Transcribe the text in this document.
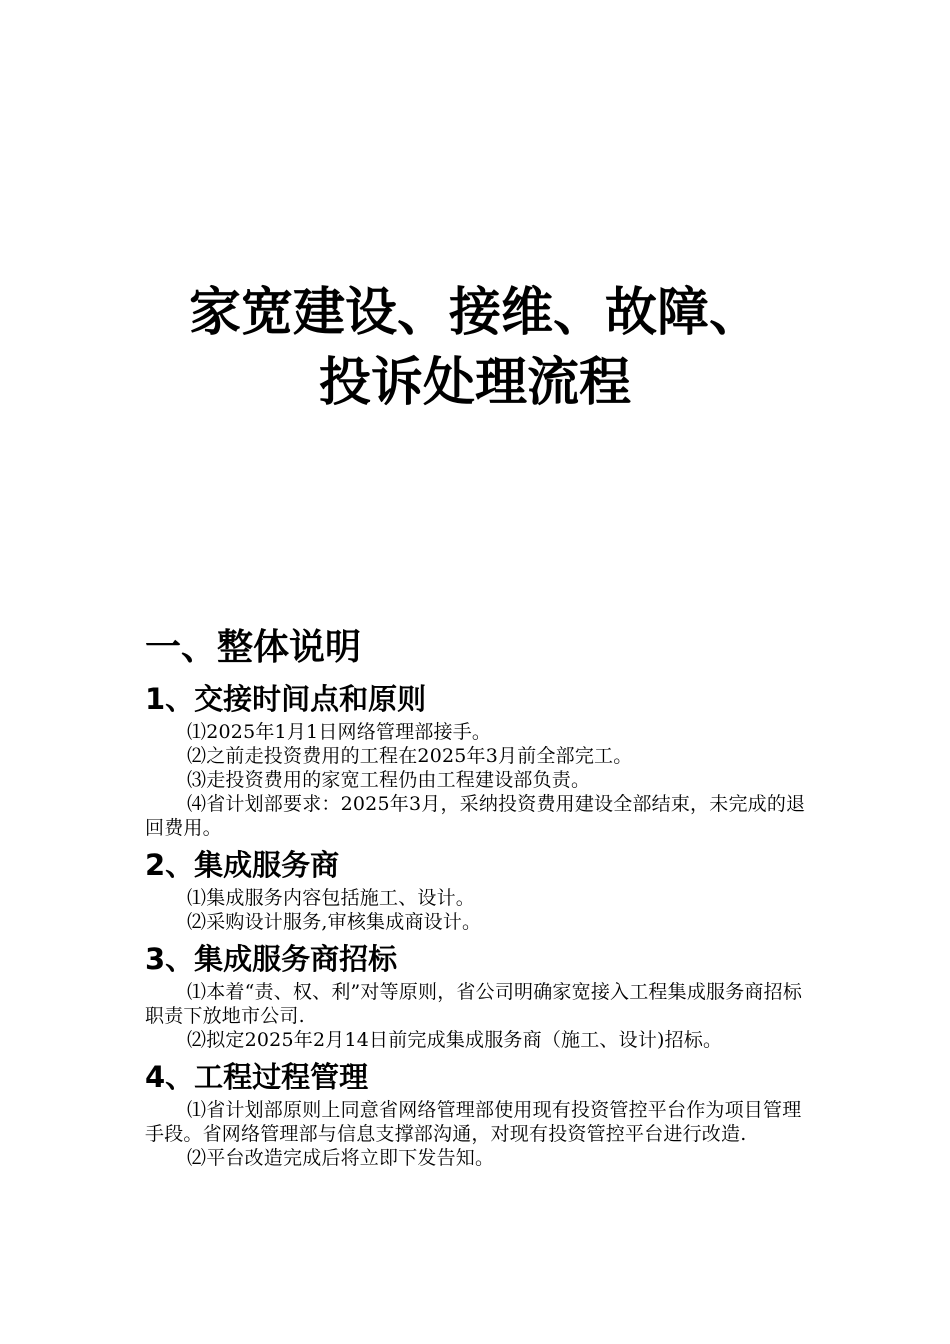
家宽建设、接维、故障、
投诉处理流程
一、整体说明
1、交接时间点和原则

⑴2025年1月1日网络管理部接手。

⑵之前走投资费用的工程在2025年3月前全部完工。

⑶走投资费用的家宽工程仍由工程建设部负责。

⑷省计划部要求：2025年3月，采纳投资费用建设全部结束，未完成的退回费用。

2、集成服务商

⑴集成服务内容包括施工、设计。

⑵采购设计服务,审核集成商设计。

3、集成服务商招标

⑴本着“责、权、利”对等原则，省公司明确家宽接入工程集成服务商招标职责下放地市公司.

⑵拟定2025年2月14日前完成集成服务商（施工、设计)招标。

4、工程过程管理

⑴省计划部原则上同意省网络管理部使用现有投资管控平台作为项目管理手段。省网络管理部与信息支撑部沟通，对现有投资管控平台进行改造.

⑵平台改造完成后将立即下发告知。
